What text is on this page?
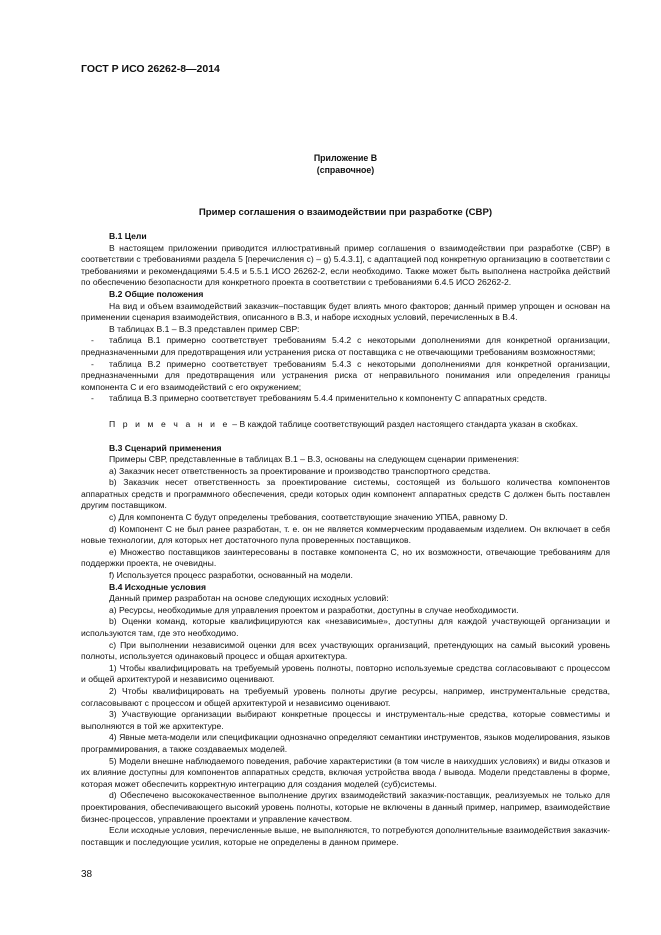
ГОСТ Р ИСО 26262-8—2014
Приложение В
(справочное)
Пример соглашения о взаимодействии при разработке (СВР)

В.1 Цели

В настоящем приложении приводится иллюстративный пример соглашения о взаимодействии при разработке (СВР) в соответствии с требованиями раздела 5 [перечисления c) – g) 5.4.3.1], с адаптацией под конкретную организацию в соответствии с требованиями и рекомендациями 5.4.5 и 5.5.1 ИСО 26262-2, если необходимо. Также может быть выполнена настройка действий по обеспечению безопасности для конкретного проекта в соответствии с требованиями 6.4.5 ИСО 26262-2.

В.2 Общие положения

На вид и объем взаимодействий заказчик–поставщик будет влиять много факторов; данный пример упрощен и основан на применении сценария взаимодействия, описанного в В.3, и наборе исходных условий, перечисленных в В.4.

В таблицах В.1 – В.3 представлен пример СВР:

- таблица В.1 примерно соответствует требованиям 5.4.2 с некоторыми дополнениями для конкретной организации, предназначенными для предотвращения или устранения риска от поставщика с не отвечающими требованиям возможностями;

- таблица В.2 примерно соответствует требованиям 5.4.3 с некоторыми дополнениями для конкретной организации, предназначенными для предотвращения или устранения риска от неправильного понимания или определения границы компонента С и его взаимодействий с его окружением;

- таблица В.3 примерно соответствует требованиям 5.4.4 применительно к компоненту С аппаратных средств.

П р и м е ч а н и е – В каждой таблице соответствующий раздел настоящего стандарта указан в скобках.

В.3 Сценарий применения

Примеры СВР, представленные в таблицах В.1 – В.3, основаны на следующем сценарии применения:

a) Заказчик несет ответственность за проектирование и производство транспортного средства.

b) Заказчик несет ответственность за проектирование системы, состоящей из большого количества компонентов аппаратных средств и программного обеспечения, среди которых один компонент аппаратных средств С должен быть поставлен другим поставщиком.

c) Для компонента С будут определены требования, соответствующие значению УПБА, равному D.

d) Компонент С не был ранее разработан, т. е. он не является коммерческим продаваемым изделием. Он включает в себя новые технологии, для которых нет достаточного пула проверенных поставщиков.

e) Множество поставщиков заинтересованы в поставке компонента С, но их возможности, отвечающие требованиям для поддержки проекта, не очевидны.

f) Используется процесс разработки, основанный на модели.

В.4 Исходные условия

Данный пример разработан на основе следующих исходных условий:

a) Ресурсы, необходимые для управления проектом и разработки, доступны в случае необходимости.

b) Оценки команд, которые квалифицируются как «независимые», доступны для каждой участвующей организации и используются там, где это необходимо.

c) При выполнении независимой оценки для всех участвующих организаций, претендующих на самый высокий уровень полноты, используется одинаковый процесс и общая архитектура.

1) Чтобы квалифицировать на требуемый уровень полноты, повторно используемые средства согласовывают с процессом и общей архитектурой и независимо оценивают.

2) Чтобы квалифицировать на требуемый уровень полноты другие ресурсы, например, инструментальные средства, согласовывают с процессом и общей архитектурой и независимо оценивают.

3) Участвующие организации выбирают конкретные процессы и инструменталь-ные средства, которые совместимы и выполняются в той же архитектуре.

4) Явные мета-модели или спецификации однозначно определяют семантики инструментов, языков моделирования, языков программирования, а также создаваемых моделей.

5) Модели внешне наблюдаемого поведения, рабочие характеристики (в том числе в наихудших условиях) и виды отказов и их влияние доступны для компонентов аппаратных средств, включая устройства ввода / вывода. Модели представлены в форме, которая может обеспечить корректную интеграцию для создания моделей (суб)системы.

d) Обеспечено высококачественное выполнение других взаимодействий заказчик-поставщик, реализуемых не только для проектирования, обеспечивающего высокий уровень полноты, которые не включены в данный пример, например, взаимодействие бизнес-процессов, управление проектами и управление качеством.

Если исходные условия, перечисленные выше, не выполняются, то потребуются дополнительные взаимодействия заказчик-поставщик и последующие усилия, которые не определены в данном примере.

38
